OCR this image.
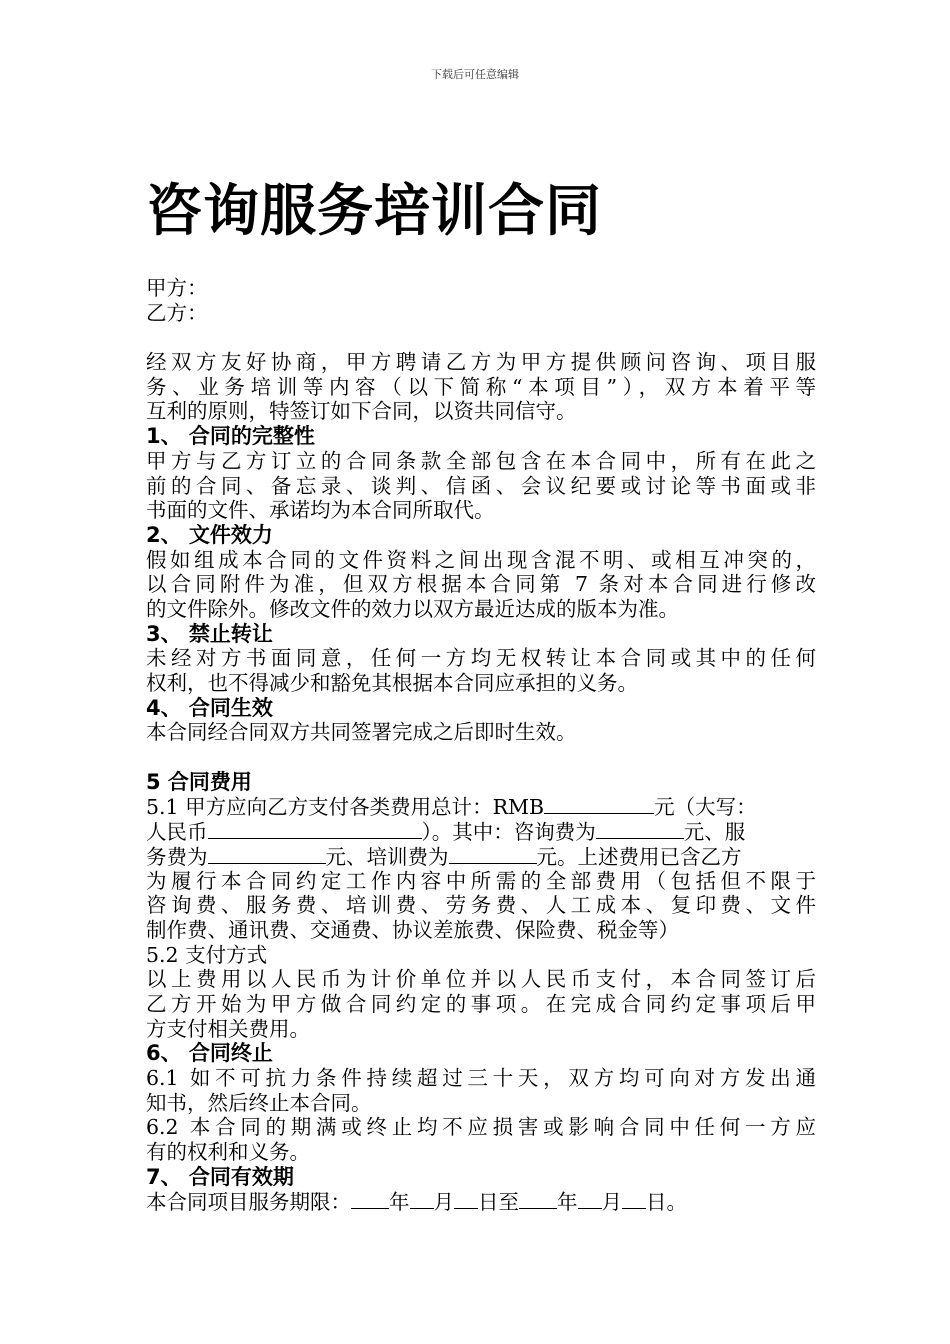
下载后可任意编辑
咨询服务培训合同
甲方：
乙方：
经双方友好协商，甲方聘请乙方为甲方提供顾问咨询、项目服
务、业务培训等内容（以下简称“本项目”），双方本着平等
互利的原则，特签订如下合同，以资共同信守。
1、 合同的完整性
甲方与乙方订立的合同条款全部包含在本合同中，所有在此之
前的合同、备忘录、谈判、信函、会议纪要或讨论等书面或非
书面的文件、承诺均为本合同所取代。
2、 文件效力
假如组成本合同的文件资料之间出现含混不明、或相互冲突的，
以合同附件为准，但双方根据本合同第 7 条对本合同进行修改
的文件除外。修改文件的效力以双方最近达成的版本为准。
3、 禁止转让
未经对方书面同意，任何一方均无权转让本合同或其中的任何
权利，也不得减少和豁免其根据本合同应承担的义务。
4、 合同生效
本合同经合同双方共同签署完成之后即时生效。
5 合同费用
5.1 甲方应向乙方支付各类费用总计：RMB	元（大写：
人民币	）。其中：咨询费为	元、服
务费为	元、培训费为	元。上述费用已含乙方
为履行本合同约定工作内容中所需的全部费用（包括但不限于
咨询费、服务费、培训费、劳务费、人工成本、复印费、文件
制作费、通讯费、交通费、协议差旅费、保险费、税金等）
5.2 支付方式
以上费用以人民币为计价单位并以人民币支付，本合同签订后
乙方开始为甲方做合同约定的事项。在完成合同约定事项后甲
方支付相关费用。
6、 合同终止
6.1 如不可抗力条件持续超过三十天，双方均可向对方发出通
知书，然后终止本合同。
6.2 本合同的期满或终止均不应损害或影响合同中任何一方应
有的权利和义务。
7、 合同有效期
本合同项目服务期限： 年 月 日至 年 月 日。
